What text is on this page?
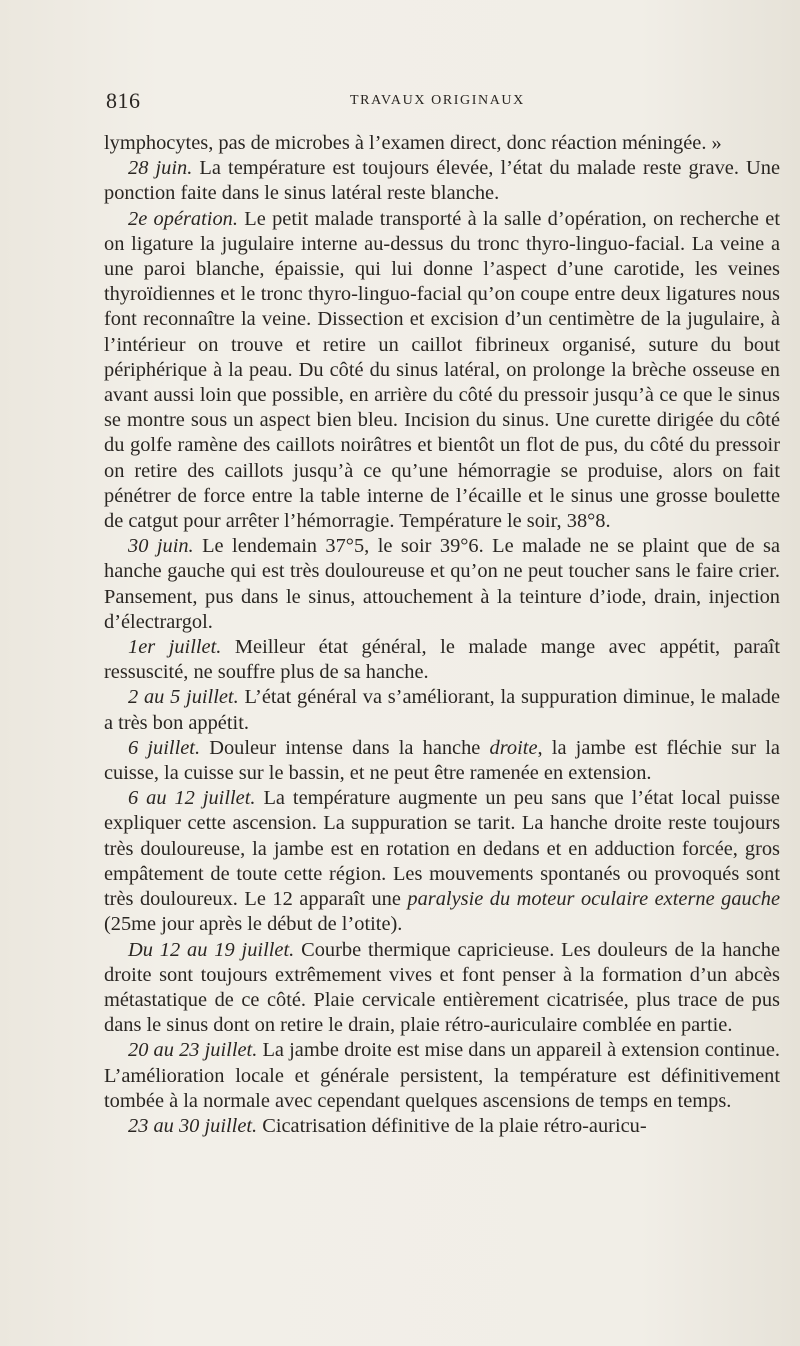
816	TRAVAUX ORIGINAUX

lymphocytes, pas de microbes à l’examen direct, donc réaction méningée. »

28 juin. La température est toujours élevée, l’état du malade reste grave. Une ponction faite dans le sinus latéral reste blanche.

2e opération. Le petit malade transporté à la salle d’opération, on recherche et on ligature la jugulaire interne au-dessus du tronc thyro-linguo-facial. La veine a une paroi blanche, épaissie, qui lui donne l’aspect d’une carotide, les veines thyroïdiennes et le tronc thyro-linguo-facial qu’on coupe entre deux ligatures nous font reconnaître la veine. Dissection et excision d’un centimètre de la jugulaire, à l’intérieur on trouve et retire un caillot fibrineux organisé, suture du bout périphérique à la peau. Du côté du sinus latéral, on prolonge la brèche osseuse en avant aussi loin que possible, en arrière du côté du pressoir jusqu’à ce que le sinus se montre sous un aspect bien bleu. Incision du sinus. Une curette dirigée du côté du golfe ramène des caillots noirâtres et bientôt un flot de pus, du côté du pressoir on retire des caillots jusqu’à ce qu’une hémorragie se produise, alors on fait pénétrer de force entre la table interne de l’écaille et le sinus une grosse boulette de catgut pour arrêter l’hémorragie. Température le soir, 38°8.

30 juin. Le lendemain 37°5, le soir 39°6. Le malade ne se plaint que de sa hanche gauche qui est très douloureuse et qu’on ne peut toucher sans le faire crier. Pansement, pus dans le sinus, attouchement à la teinture d’iode, drain, injection d’électrargol.

1er juillet. Meilleur état général, le malade mange avec appétit, paraît ressuscité, ne souffre plus de sa hanche.

2 au 5 juillet. L’état général va s’améliorant, la suppuration diminue, le malade a très bon appétit.

6 juillet. Douleur intense dans la hanche droite, la jambe est fléchie sur la cuisse, la cuisse sur le bassin, et ne peut être ramenée en extension.

6 au 12 juillet. La température augmente un peu sans que l’état local puisse expliquer cette ascension. La suppuration se tarit. La hanche droite reste toujours très douloureuse, la jambe est en rotation en dedans et en adduction forcée, gros empâtement de toute cette région. Les mouvements spontanés ou provoqués sont très douloureux. Le 12 apparaît une paralysie du moteur oculaire externe gauche (25me jour après le début de l’otite).

Du 12 au 19 juillet. Courbe thermique capricieuse. Les douleurs de la hanche droite sont toujours extrêmement vives et font penser à la formation d’un abcès métastatique de ce côté. Plaie cervicale entièrement cicatrisée, plus trace de pus dans le sinus dont on retire le drain, plaie rétro-auriculaire comblée en partie.

20 au 23 juillet. La jambe droite est mise dans un appareil à extension continue. L’amélioration locale et générale persistent, la température est définitivement tombée à la normale avec cependant quelques ascensions de temps en temps.

23 au 30 juillet. Cicatrisation définitive de la plaie rétro-auricu-
